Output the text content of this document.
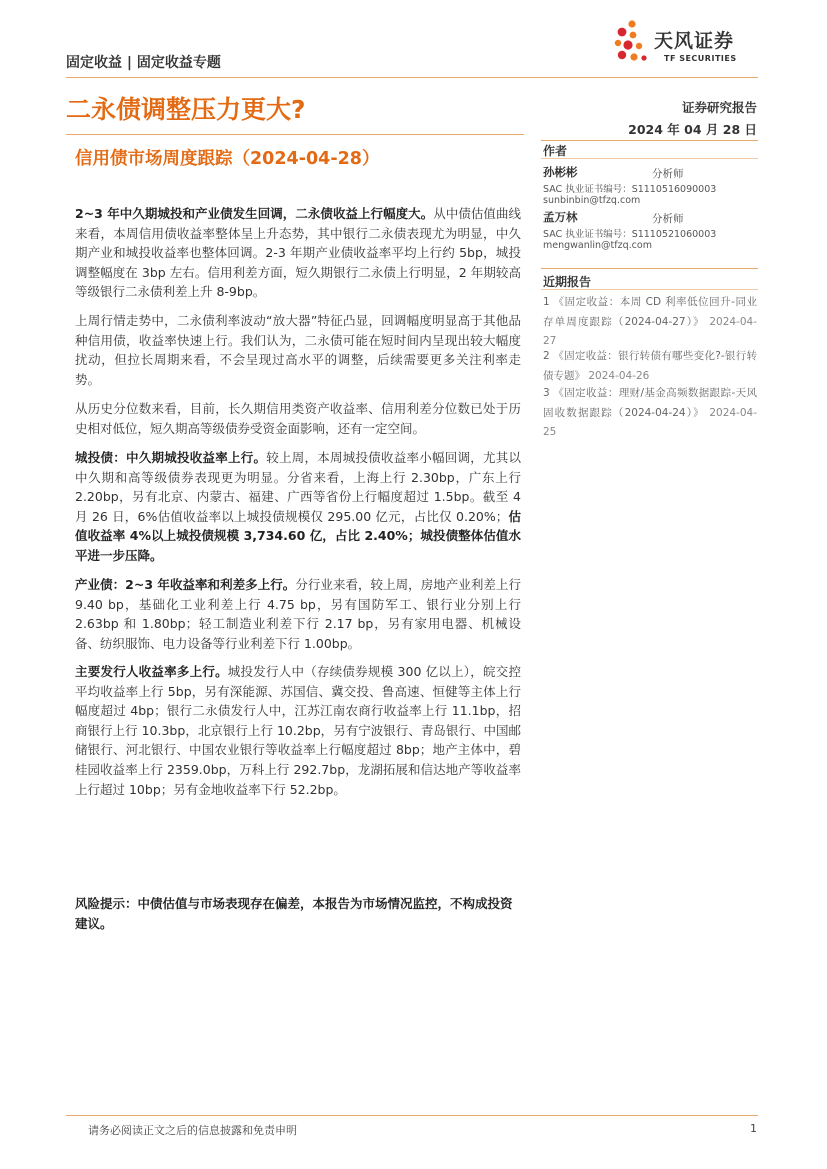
固定收益 | 固定收益专题
天风证券
TF SECURITIES
二永债调整压力更大?
信用债市场周度跟踪（2024-04-28）
证券研究报告
2024 年 04 月 28 日
作者
孙彬彬	分析师
SAC 执业证书编号：S1110516090003
sunbinbin@tfzq.com
孟万林	分析师
SAC 执业证书编号：S1110521060003
mengwanlin@tfzq.com
近期报告
1 《固定收益：本周 CD 利率低位回升-同业存单周度跟踪（2024-04-27）》 2024-04-27
2 《固定收益：银行转债有哪些变化?-银行转债专题》 2024-04-26
3 《固定收益：理财/基金高频数据跟踪-天风固收数据跟踪（2024-04-24）》 2024-04-25
2~3 年中久期城投和产业债发生回调，二永债收益上行幅度大。从中债估值曲线来看，本周信用债收益率整体呈上升态势，其中银行二永债表现尤为明显，中久期产业和城投收益率也整体回调。2-3 年期产业债收益率平均上行约 5bp，城投调整幅度在 3bp 左右。信用利差方面，短久期银行二永债上行明显，2 年期较高等级银行二永债利差上升 8-9bp。
上周行情走势中，二永债利率波动“放大器”特征凸显，回调幅度明显高于其他品种信用债，收益率快速上行。我们认为，二永债可能在短时间内呈现出较大幅度扰动，但拉长周期来看，不会呈现过高水平的调整，后续需要更多关注利率走势。
从历史分位数来看，目前，长久期信用类资产收益率、信用利差分位数已处于历史相对低位，短久期高等级债券受资金面影响，还有一定空间。
城投债：中久期城投收益率上行。较上周，本周城投债收益率小幅回调，尤其以中久期和高等级债券表现更为明显。分省来看，上海上行 2.30bp，广东上行 2.20bp，另有北京、内蒙古、福建、广西等省份上行幅度超过 1.5bp。截至 4 月 26 日，6%估值收益率以上城投债规模仅 295.00 亿元，占比仅 0.20%；估值收益率 4%以上城投债规模 3,734.60 亿，占比 2.40%；城投债整体估值水平进一步压降。
产业债：2~3 年收益率和利差多上行。分行业来看，较上周，房地产业利差上行 9.40 bp，基础化工业利差上行 4.75 bp，另有国防军工、银行业分别上行 2.63bp 和 1.80bp；轻工制造业利差下行 2.17 bp，另有家用电器、机械设备、纺织服饰、电力设备等行业利差下行 1.00bp。
主要发行人收益率多上行。城投发行人中（存续债券规模 300 亿以上），皖交控平均收益率上行 5bp，另有深能源、苏国信、冀交投、鲁高速、恒健等主体上行幅度超过 4bp；银行二永债发行人中，江苏江南农商行收益率上行 11.1bp，招商银行上行 10.3bp，北京银行上行 10.2bp，另有宁波银行、青岛银行、中国邮储银行、河北银行、中国农业银行等收益率上行幅度超过 8bp；地产主体中，碧桂园收益率上行 2359.0bp，万科上行 292.7bp，龙湖拓展和信达地产等收益率上行超过 10bp；另有金地收益率下行 52.2bp。
风险提示：中债估值与市场表现存在偏差，本报告为市场情况监控，不构成投资建议。
请务必阅读正文之后的信息披露和免责申明	1
